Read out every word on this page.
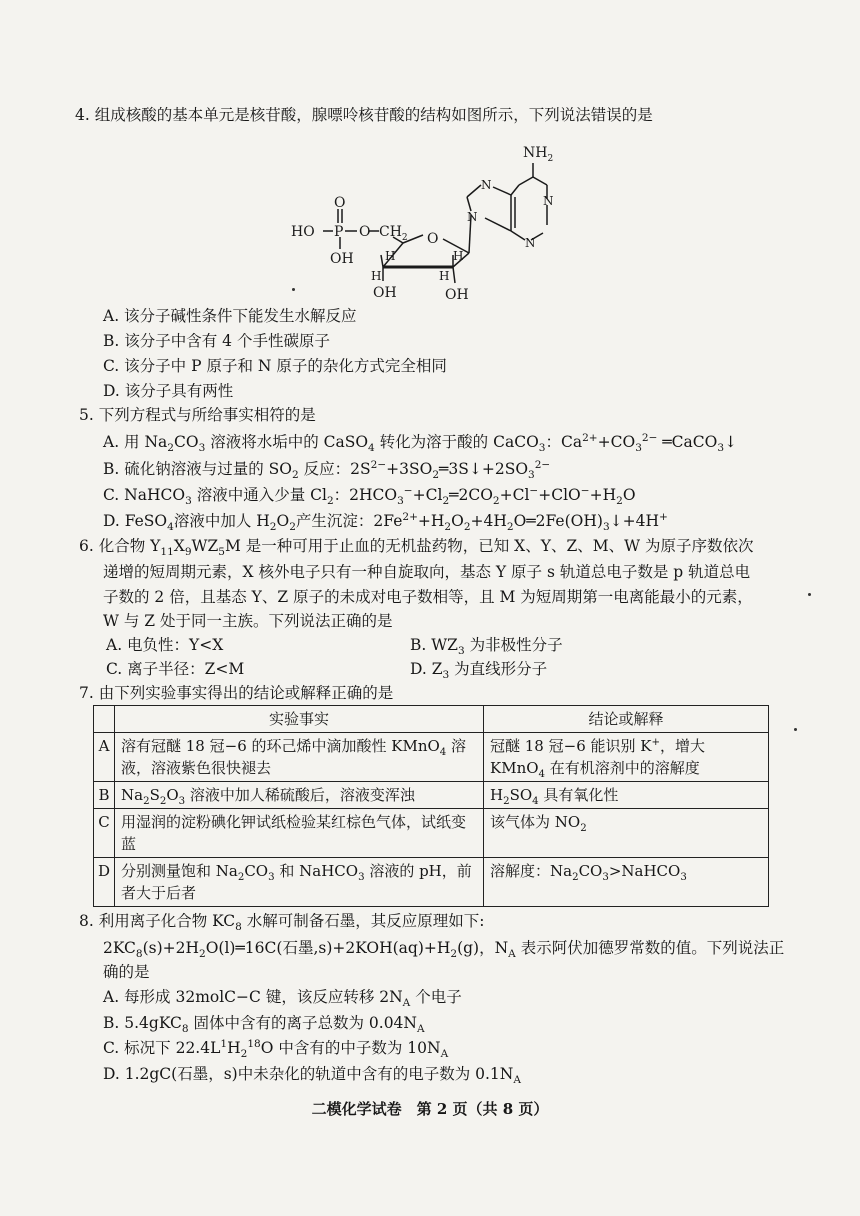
4. 组成核酸的基本单元是核苷酸，腺嘌呤核苷酸的结构如图所示，下列说法错误的是
$NH_2$
N
N
N
N
HO P
O
OH
O $CH_2$ O
H	H
H	H
OH	OH
A. 该分子碱性条件下能发生水解反应
B. 该分子中含有 4 个手性碳原子
C. 该分子中 P 原子和 N 原子的杂化方式完全相同
D. 该分子具有两性
5. 下列方程式与所给事实相符的是
A. 用 $Na_2CO_3$ 溶液将水垢中的 CaSO$_4$ 转化为溶于酸的 CaCO$_3$：$Ca^{2+}+CO_3^{2-}$ ═CaCO$_3$↓
B. 硫化钠溶液与过量的 $SO_2$ 反应：$2S^{2-}+3SO_2═3S↓+2SO_3^{2-}$
C. NaHCO$_3$ 溶液中通入少量 $Cl_2$：$2HCO_3^-+Cl_2═2CO_2+Cl^-+ClO^-+H_2O$
D. FeSO$_4$溶液中加人 $H_2O_2$产生沉淀：$2Fe^{2+}+H_2O_2+4H_2O═2Fe(OH)_3↓+4H^+$
6. 化合物 $Y_{11}X_9WZ_5M$ 是一种可用于止血的无机盐药物，已知 X、Y、Z、M、W 为原子序数依次
递增的短周期元素，X 核外电子只有一种自旋取向，基态 Y 原子 s 轨道总电子数是 p 轨道总电
子数的 2 倍，且基态 Y、Z 原子的未成对电子数相等，且 M 为短周期第一电离能最小的元素，
W 与 Z 处于同一主族。下列说法正确的是
A. 电负性：Y<X	B. $WZ_3$ 为非极性分子
C. 离子半径：Z<M	D. $Z_3$ 为直线形分子
7. 由下列实验事实得出的结论或解释正确的是
	实验事实	结论或解释
A	溶有冠醚 18 冠−6 的环己烯中滴加酸性 KMnO$_4$ 溶液，溶液紫色很快褪去	冠醚 18 冠−6 能识别 K+，增大 KMnO$_4$ 在有机溶剂中的溶解度
B	$Na_2S_2O_3$ 溶液中加人稀硫酸后，溶液变浑浊	$H_2SO_4$ 具有氧化性
C	用湿润的淀粉碘化钾试纸检验某红棕色气体，试纸变蓝	该气体为 $NO_2$
D	分别测量饱和 $Na_2CO_3$ 和 NaHCO$_3$ 溶液的 pH，前者大于后者	溶解度：$Na_2CO_3>NaHCO_3$
8. 利用离子化合物 $KC_8$ 水解可制备石墨，其反应原理如下:
$2KC_8(s)+2H_2O(l)═16C$(石墨$,s)+2KOH(aq)+H_2(g)$，$N_A$ 表示阿伏加德罗常数的值。下列说法正
确的是
A. 每形成 32molC−C 键，该反应转移 $2N_A$ 个电子
B. 5.4gKC$_8$ 固体中含有的离子总数为 $0.04N_A$
C. 标况下 $22.4L^1H_2^{18}O$ 中含有的中子数为 $10N_A$
D. 1.2gC(石墨，s)中未杂化的轨道中含有的电子数为 $0.1N_A$
二模化学试卷　第 2 页（共 8 页）
